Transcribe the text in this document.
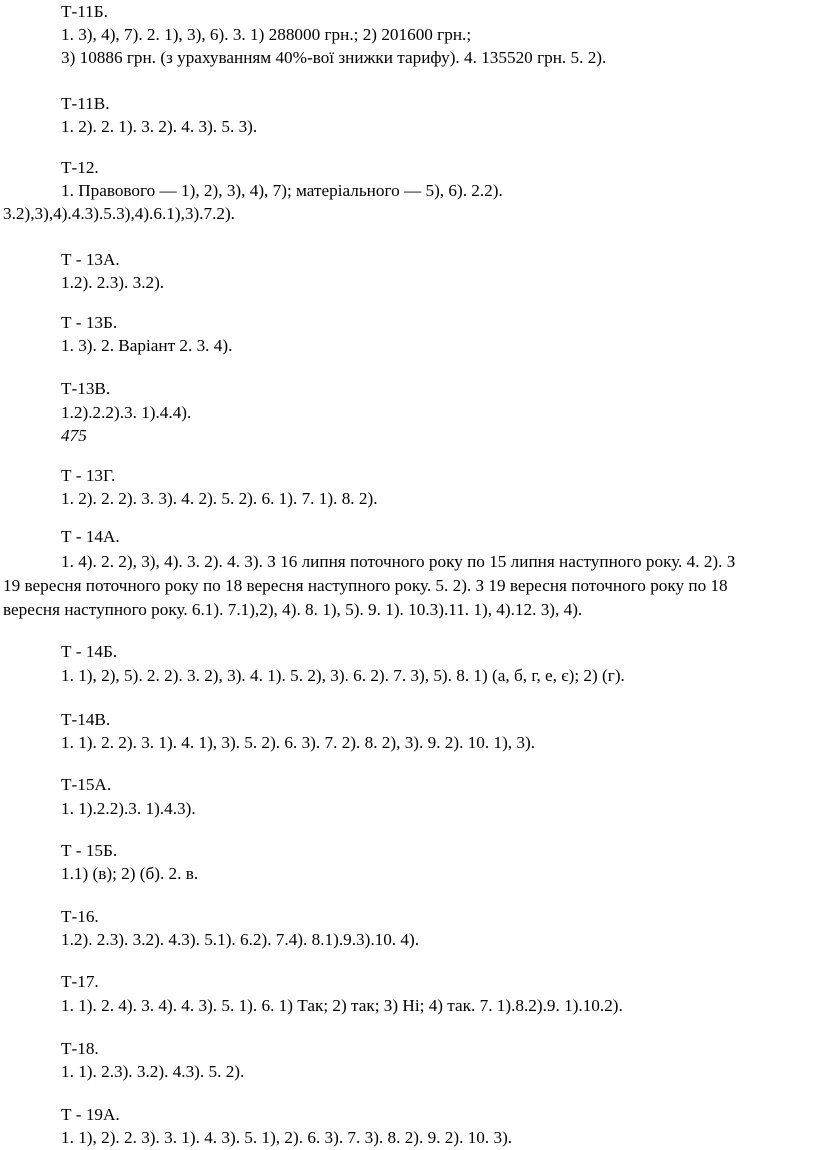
Т-11Б.
1. 3), 4), 7). 2. 1), 3), 6). 3. 1) 288000 грн.; 2) 201600 грн.;
3) 10886 грн. (з урахуванням 40%-вої знижки тарифу). 4. 135520 грн. 5. 2).
Т-11В.
1. 2). 2. 1). 3. 2). 4. 3). 5. 3).
Т-12.
1. Правового — 1), 2), 3), 4), 7); матеріального — 5), 6). 2.2).
3.2),3),4).4.3).5.3),4).6.1),3).7.2).
Т - 13А.
1.2). 2.3). 3.2).
Т - 13Б.
1. 3). 2. Варіант 2. 3. 4).
Т-13В.
1.2).2.2).3. 1).4.4).
475
Т - 13Г.
1. 2). 2. 2). 3. 3). 4. 2). 5. 2). 6. 1). 7. 1). 8. 2).
Т - 14А.
1. 4). 2. 2), 3), 4). 3. 2). 4. 3). З 16 липня поточного року по 15 липня наступного року. 4. 2). З
19 вересня поточного року по 18 вересня наступного року. 5. 2). З 19 вересня поточного року по 18
вересня наступного року. 6.1). 7.1),2), 4). 8. 1), 5). 9. 1). 10.3).11. 1), 4).12. 3), 4).
Т - 14Б.
1. 1), 2), 5). 2. 2). 3. 2), 3). 4. 1). 5. 2), 3). 6. 2). 7. 3), 5). 8. 1) (а, б, г, е, є); 2) (г).
Т-14В.
1. 1). 2. 2). 3. 1). 4. 1), 3). 5. 2). 6. 3). 7. 2). 8. 2), 3). 9. 2). 10. 1), 3).
Т-15А.
1. 1).2.2).3. 1).4.3).
Т - 15Б.
1.1) (в); 2) (б). 2. в.
Т-16.
1.2). 2.3). 3.2). 4.3). 5.1). 6.2). 7.4). 8.1).9.3).10. 4).
Т-17.
1. 1). 2. 4). 3. 4). 4. 3). 5. 1). 6. 1) Так; 2) так; З) Ні; 4) так. 7. 1).8.2).9. 1).10.2).
Т-18.
1. 1). 2.3). 3.2). 4.3). 5. 2).
Т - 19А.
1. 1), 2). 2. 3). 3. 1). 4. 3). 5. 1), 2). 6. 3). 7. 3). 8. 2). 9. 2). 10. 3).
